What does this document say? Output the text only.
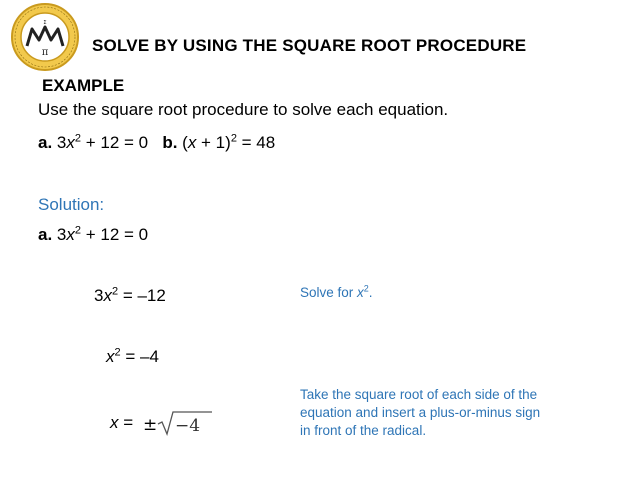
π
Σ
SOLVE BY USING THE SQUARE ROOT PROCEDURE
EXAMPLE
Use the square root procedure to solve each equation.
a. $3x^2 + 12 = 0$ b. $(x + 1)^2 = 48$
Solution:
a. $3x^2 + 12 = 0$
$3x^2 = -12$
$x^2 = -4$
x = ± −4
Solve for $x^2$.
Take the square root of each side of the
equation and insert a plus-or-minus sign
in front of the radical.
